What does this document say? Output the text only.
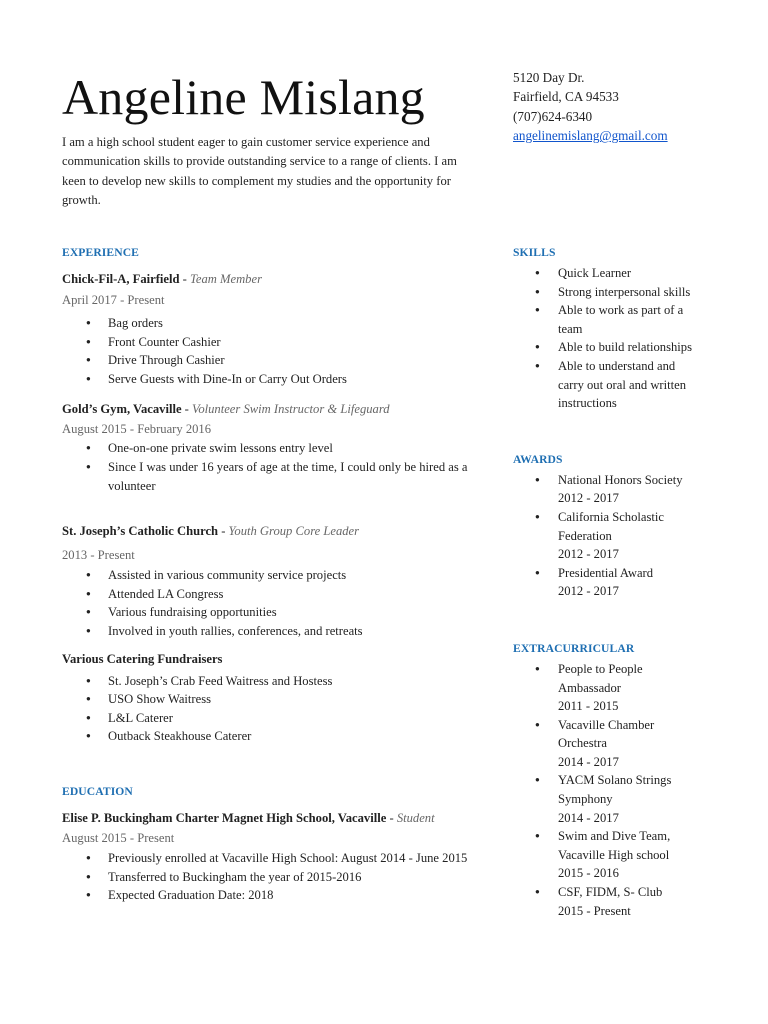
Angeline Mislang

I am a high school student eager to gain customer service experience and communication skills to provide outstanding service to a range of clients. I am keen to develop new skills to complement my studies and the opportunity for growth.

5120 Day Dr.
Fairfield, CA 94533
(707)624-6340
angelinemislang@gmail.com
EXPERIENCE
Chick-Fil-A, Fairfield - Team Member
April 2017 - Present
● Bag orders
● Front Counter Cashier
● Drive Through Cashier
● Serve Guests with Dine-In or Carry Out Orders
Gold’s Gym, Vacaville - Volunteer Swim Instructor & Lifeguard
August 2015 - February 2016
● One-on-one private swim lessons entry level
● Since I was under 16 years of age at the time, I could only be hired as a volunteer
St. Joseph’s Catholic Church - Youth Group Core Leader
2013 - Present
● Assisted in various community service projects
● Attended LA Congress
● Various fundraising opportunities
● Involved in youth rallies, conferences, and retreats
Various Catering Fundraisers
● St. Joseph’s Crab Feed Waitress and Hostess
● USO Show Waitress
● L&L Caterer
● Outback Steakhouse Caterer
EDUCATION
Elise P. Buckingham Charter Magnet High School, Vacaville - Student
August 2015 - Present
● Previously enrolled at Vacaville High School: August 2014 - June 2015
● Transferred to Buckingham the year of 2015-2016
● Expected Graduation Date: 2018
SKILLS
● Quick Learner
● Strong interpersonal skills
● Able to work as part of a team
● Able to build relationships
● Able to understand and carry out oral and written instructions
AWARDS
● National Honors Society
2012 - 2017
● California Scholastic Federation
2012 - 2017
● Presidential Award
2012 - 2017
EXTRACURRICULAR
● People to People Ambassador
2011 - 2015
● Vacaville Chamber Orchestra
2014 - 2017
● YACM Solano Strings Symphony
2014 - 2017
● Swim and Dive Team, Vacaville High school
2015 - 2016
● CSF, FIDM, S- Club
2015 - Present
